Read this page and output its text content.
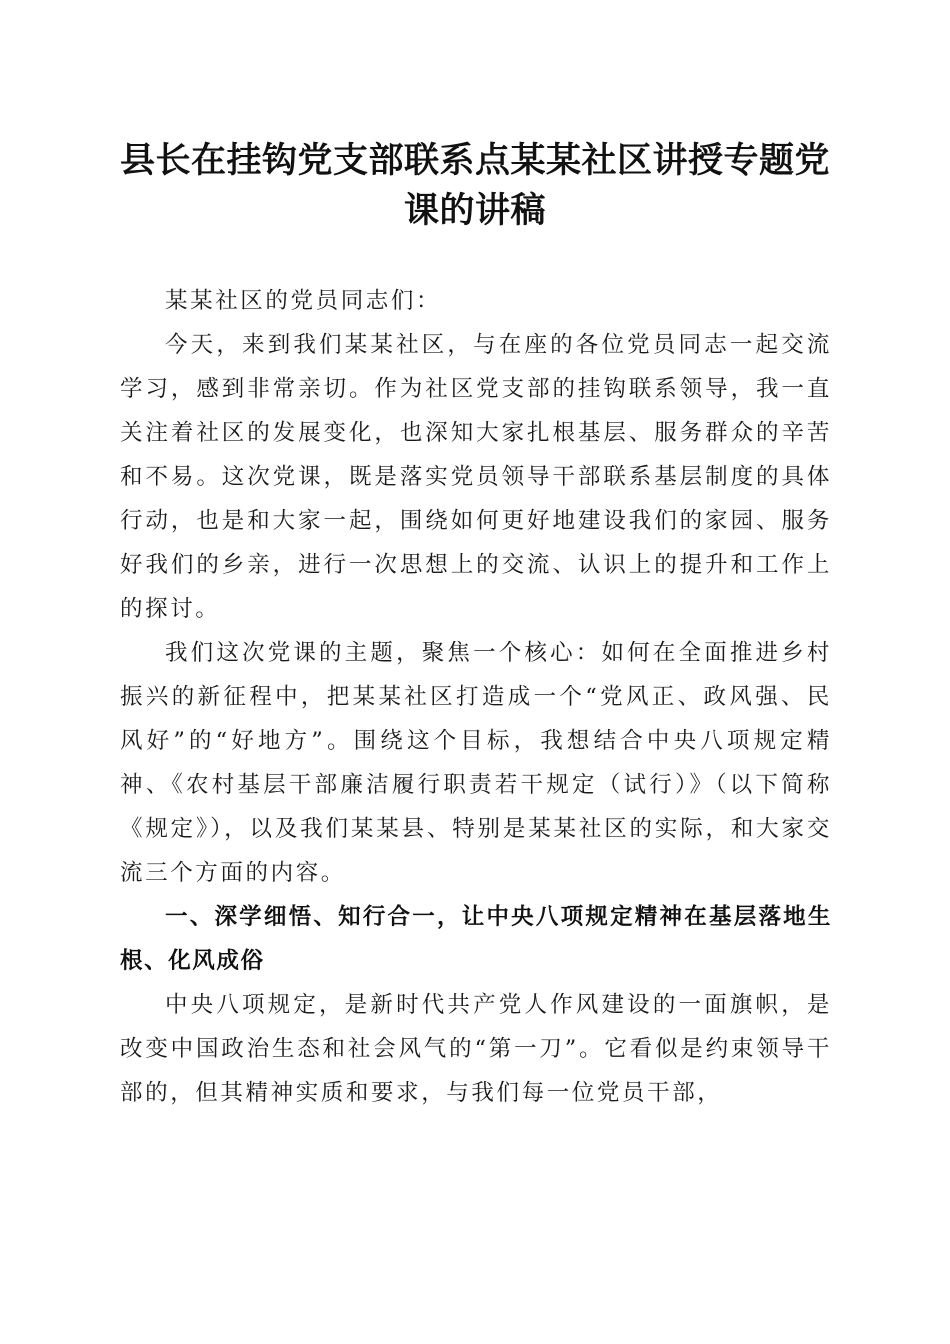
县长在挂钩党支部联系点某某社区讲授专题党课的讲稿

某某社区的党员同志们：

今天，来到我们某某社区，与在座的各位党员同志一起交流学习，感到非常亲切。作为社区党支部的挂钩联系领导，我一直关注着社区的发展变化，也深知大家扎根基层、服务群众的辛苦和不易。这次党课，既是落实党员领导干部联系基层制度的具体行动，也是和大家一起，围绕如何更好地建设我们的家园、服务好我们的乡亲，进行一次思想上的交流、认识上的提升和工作上的探讨。

我们这次党课的主题，聚焦一个核心：如何在全面推进乡村振兴的新征程中，把某某社区打造成一个“党风正、政风强、民风好”的“好地方”。围绕这个目标，我想结合中央八项规定精神、《农村基层干部廉洁履行职责若干规定（试行）》（以下简称《规定》），以及我们某某县、特别是某某社区的实际，和大家交流三个方面的内容。

一、深学细悟、知行合一，让中央八项规定精神在基层落地生根、化风成俗

中央八项规定，是新时代共产党人作风建设的一面旗帜，是改变中国政治生态和社会风气的“第一刀”。它看似是约束领导干部的，但其精神实质和要求，与我们每一位党员干部，
